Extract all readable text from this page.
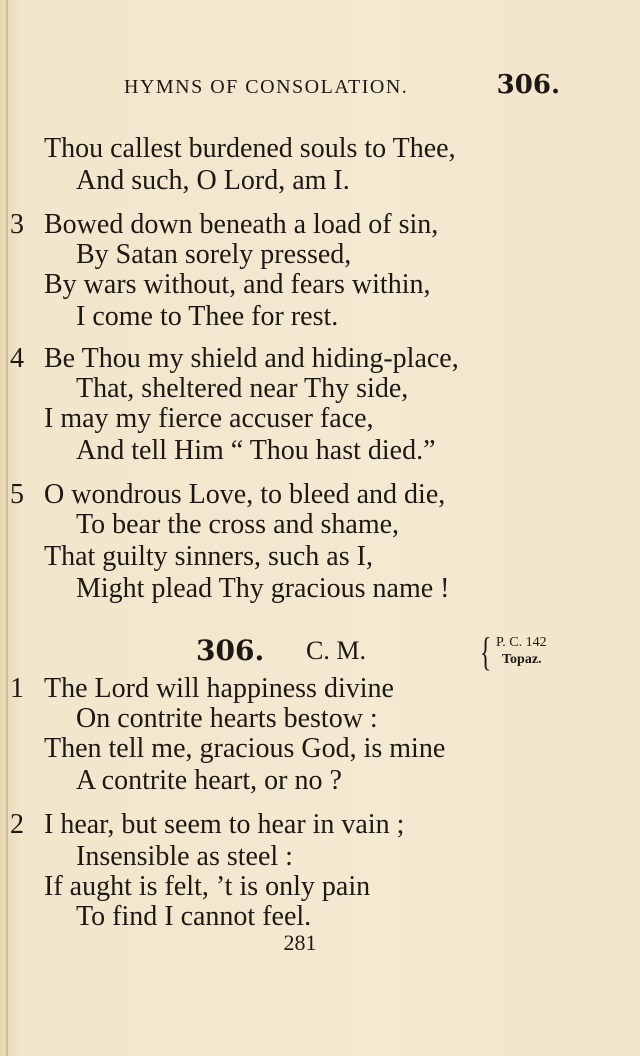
HYMNS OF CONSOLATION.	306.
Thou callest burdened souls to Thee,
And such, O Lord, am I.
3 Bowed down beneath a load of sin,
By Satan sorely pressed,
By wars without, and fears within,
I come to Thee for rest.
4 Be Thou my shield and hiding-place,
That, sheltered near Thy side,
I may my fierce accuser face,
And tell Him “ Thou hast died.”
5 O wondrous Love, to bleed and die,
To bear the cross and shame,
That guilty sinners, such as I,
Might plead Thy gracious name !
306. C. M.	{ P. C. 142
Topaz.
1 The Lord will happiness divine
On contrite hearts bestow :
Then tell me, gracious God, is mine
A contrite heart, or no ?
2 I hear, but seem to hear in vain ;
Insensible as steel :
If aught is felt, ’t is only pain
To find I cannot feel.
281
